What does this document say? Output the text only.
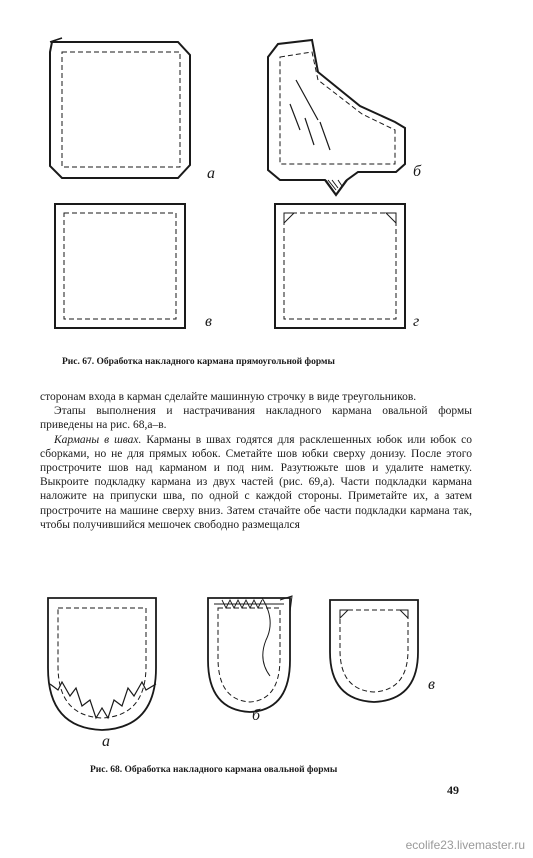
а	б
в	г
Рис. 67. Обработка накладного кармана прямоугольной формы

сторонам входа в карман сделайте машинную строчку в виде треугольников.

Этапы выполнения и настрачивания накладного кармана овальной формы приведены на рис. 68,а–в.

Карманы в швах. Карманы в швах годятся для расклешенных юбок или юбок со сборками, но не для прямых юбок. Сметайте шов юбки сверху донизу. После этого прострочите шов над карманом и под ним. Разутюжьте шов и удалите наметку. Выкроите подкладку кармана из двух частей (рис. 69,а). Части подкладки кармана наложите на припуски шва, по одной с каждой стороны. Приметайте их, а затем прострочите на машине сверху вниз. Затем стачайте обе части подкладки кармана так, чтобы получившийся мешочек свободно размещался

а
б
в
Рис. 68. Обработка накладного кармана овальной формы
49
ecolife23.livemaster.ru
